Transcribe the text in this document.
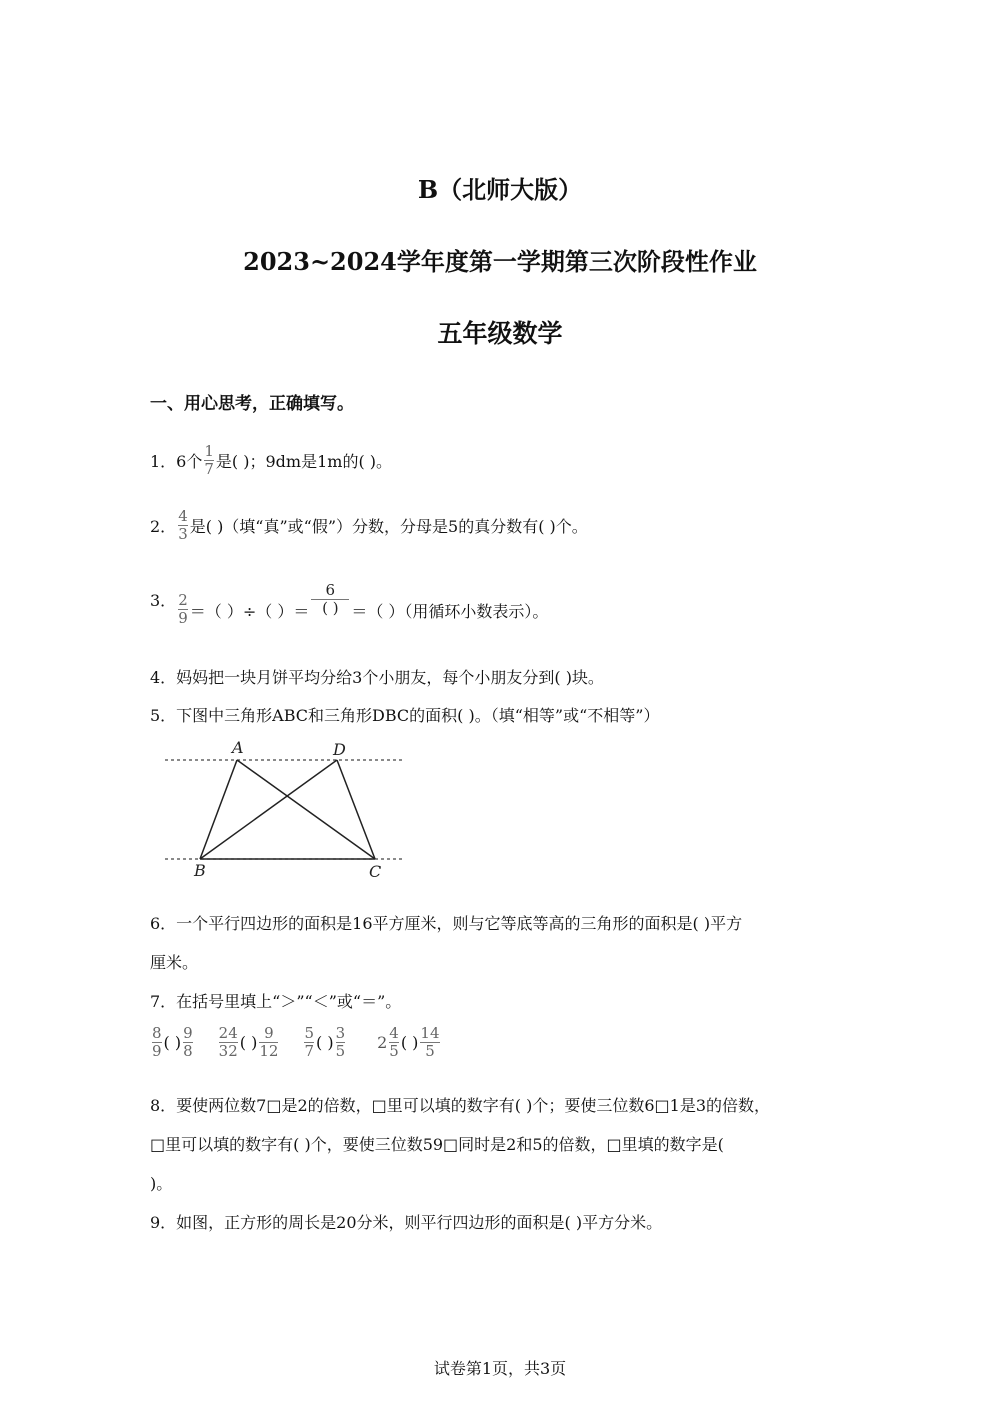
B（北师大版）
2023~2024学年度第一学期第三次阶段性作业
五年级数学
一、用心思考，正确填写。
1．6个 $\frac{1}{7}$ 是( )；9dm是1m的( )。
2． $\frac{4}{3}$ 是( )（填“真”或“假”）分数，分母是5的真分数有( )个。
3． $\frac{2}{9}$ ＝（ ）÷（ ）＝ $\frac{6}{( )}$ ＝（ ）（用循环小数表示）。
4．妈妈把一块月饼平均分给3个小朋友，每个小朋友分到( )块。
5．下图中三角形ABC和三角形DBC的面积( )。（填“相等”或“不相等”）
A	D
B	C
6．一个平行四边形的面积是16平方厘米，则与它等底等高的三角形的面积是( )平方
厘米。
7．在括号里填上“＞”“＜”或“＝”。
$\frac{8}{9}$ ( ) $\frac{9}{8} \frac{24}{32}$ ( ) $\frac{9}{12} \frac{5}{7}$ ( ) $\frac{3}{5} 2 \frac{4}{5}$ ( ) $\frac{14}{5}$
8．要使两位数7□是2的倍数，□里可以填的数字有( )个；要使三位数6□1是3的倍数，
□里可以填的数字有( )个，要使三位数59□同时是2和5的倍数，□里填的数字是(
)。
9．如图，正方形的周长是20分米，则平行四边形的面积是( )平方分米。
试卷第1页，共3页
